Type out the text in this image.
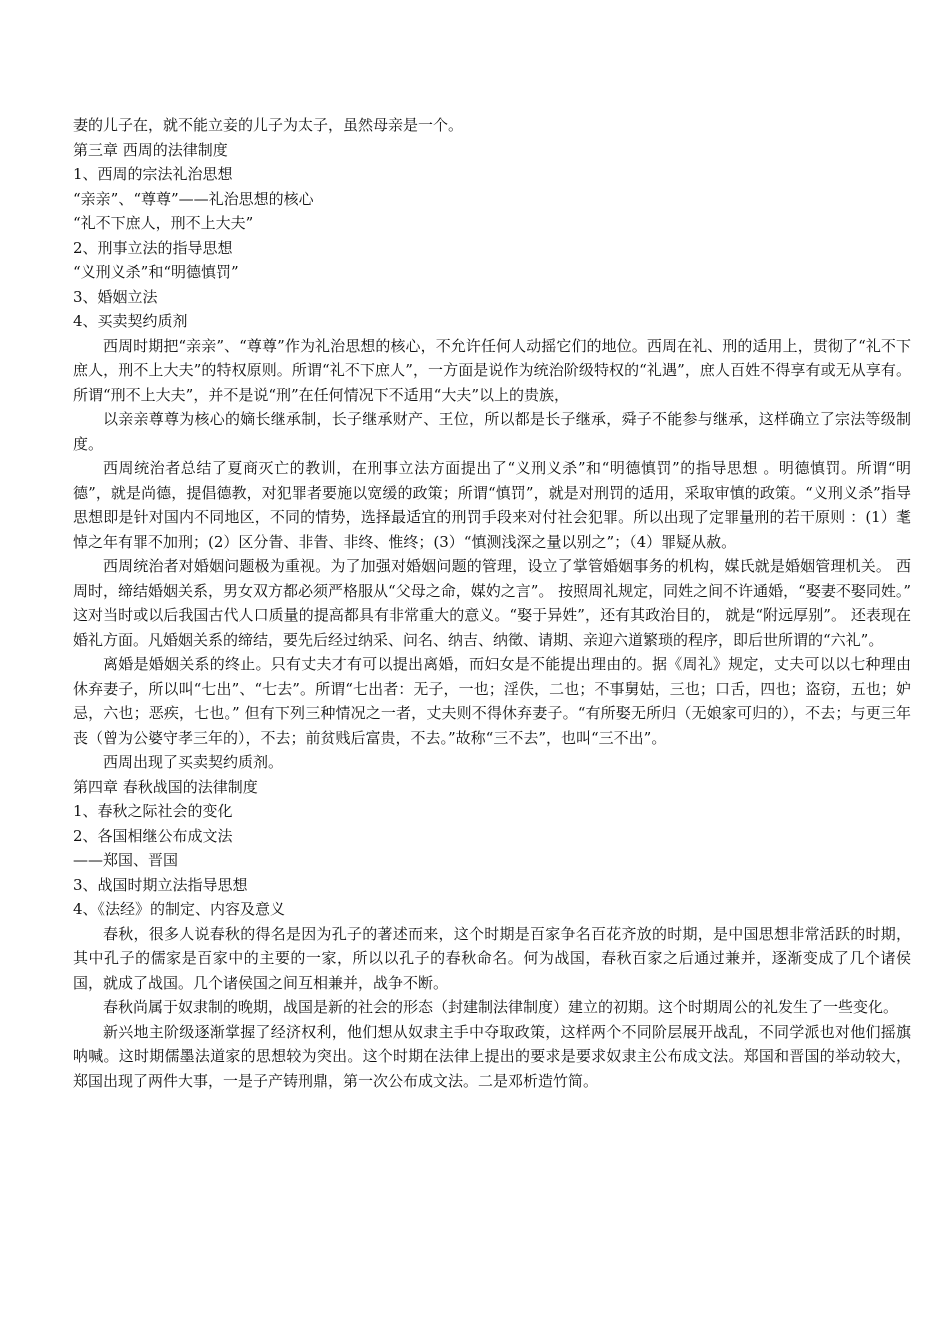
妻的儿子在，就不能立妾的儿子为太子，虽然母亲是一个。
第三章 西周的法律制度
1、西周的宗法礼治思想
“亲亲”、“尊尊”——礼治思想的核心
“礼不下庶人，刑不上大夫”
2、刑事立法的指导思想
“义刑义杀”和“明德慎罚”
3、婚姻立法
4、买卖契约质剂

西周时期把“亲亲”、“尊尊”作为礼治思想的核心，不允许任何人动摇它们的地位。西周在礼、刑的适用上，贯彻了“礼不下庶人，刑不上大夫”的特权原则。所谓“礼不下庶人”，一方面是说作为统治阶级特权的“礼遇”，庶人百姓不得享有或无从享有。 所谓“刑不上大夫”，并不是说“刑”在任何情况下不适用“大夫”以上的贵族，

以亲亲尊尊为核心的嫡长继承制，长子继承财产、王位，所以都是长子继承，舜子不能参与继承，这样确立了宗法等级制度。

西周统治者总结了夏商灭亡的教训，在刑事立法方面提出了“义刑义杀”和“明德慎罚”的指导思想 。明德慎罚。所谓“明德”，就是尚德，提倡德教，对犯罪者要施以宽缓的政策；所谓“慎罚”，就是对刑罚的适用，采取审慎的政策。“义刑义杀”指导思想即是针对国内不同地区，不同的情势，选择最适宜的刑罚手段来对付社会犯罪。所以出现了定罪量刑的若干原则 ：(1）耄悼之年有罪不加刑；(2）区分眚、非眚、非终、惟终；(3）“慎测浅深之量以别之”；（4）罪疑从赦。

西周统治者对婚姻问题极为重视。为了加强对婚姻问题的管理，设立了掌管婚姻事务的机构，媒氏就是婚姻管理机关。 西周时，缔结婚姻关系，男女双方都必须严格服从“父母之命，媒妁之言”。 按照周礼规定，同姓之间不许通婚，“娶妻不娶同姓。” 这对当时或以后我国古代人口质量的提高都具有非常重大的意义。“娶于异姓”，还有其政治目的， 就是“附远厚别”。 还表现在婚礼方面。凡婚姻关系的缔结，要先后经过纳采、问名、纳吉、纳徵、请期、亲迎六道繁琐的程序，即后世所谓的“六礼”。

离婚是婚姻关系的终止。只有丈夫才有可以提出离婚，而妇女是不能提出理由的。据《周礼》规定，丈夫可以以七种理由休弃妻子，所以叫“七出”、“七去”。所谓“七出者：无子，一也；淫佚，二也；不事舅姑，三也；口舌，四也；盗窃，五也；妒忌，六也；恶疾，七也。” 但有下列三种情况之一者，丈夫则不得休弃妻子。“有所娶无所归（无娘家可归的），不去；与更三年丧（曾为公婆守孝三年的），不去；前贫贱后富贵，不去。”故称“三不去”，也叫“三不出”。

西周出现了买卖契约质剂。

第四章 春秋战国的法律制度
1、春秋之际社会的变化
2、各国相继公布成文法
——郑国、晋国
3、战国时期立法指导思想
4、《法经》的制定、内容及意义

春秋，很多人说春秋的得名是因为孔子的著述而来，这个时期是百家争名百花齐放的时期，是中国思想非常活跃的时期，其中孔子的儒家是百家中的主要的一家，所以以孔子的春秋命名。何为战国，春秋百家之后通过兼并，逐渐变成了几个诸侯国，就成了战国。几个诸侯国之间互相兼并，战争不断。

春秋尚属于奴隶制的晚期，战国是新的社会的形态（封建制法律制度）建立的初期。这个时期周公的礼发生了一些变化。

新兴地主阶级逐渐掌握了经济权利，他们想从奴隶主手中夺取政策，这样两个不同阶层展开战乱，不同学派也对他们摇旗呐喊。这时期儒墨法道家的思想较为突出。这个时期在法律上提出的要求是要求奴隶主公布成文法。郑国和晋国的举动较大，郑国出现了两件大事，一是子产铸刑鼎，第一次公布成文法。二是邓析造竹简。
